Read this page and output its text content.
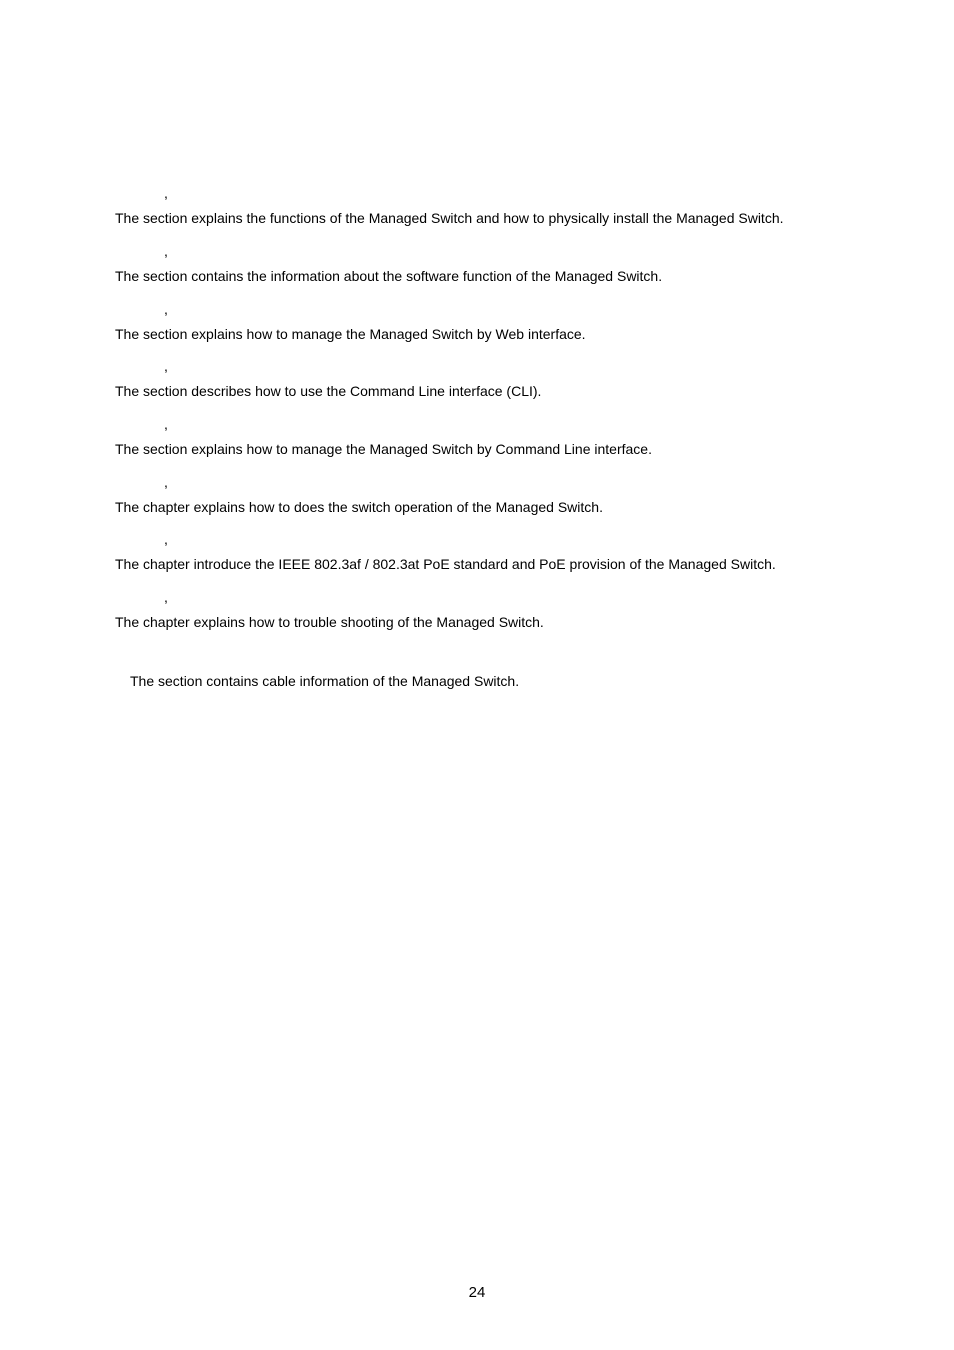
,
The section explains the functions of the Managed Switch and how to physically install the Managed Switch.
,
The section contains the information about the software function of the Managed Switch.
,
The section explains how to manage the Managed Switch by Web interface.
,
The section describes how to use the Command Line interface (CLI).
,
The section explains how to manage the Managed Switch by Command Line interface.
,
The chapter explains how to does the switch operation of the Managed Switch.
,
The chapter introduce the IEEE 802.3af / 802.3at PoE standard and PoE provision of the Managed Switch.
,
The chapter explains how to trouble shooting of the Managed Switch.
The section contains cable information of the Managed Switch.
24
